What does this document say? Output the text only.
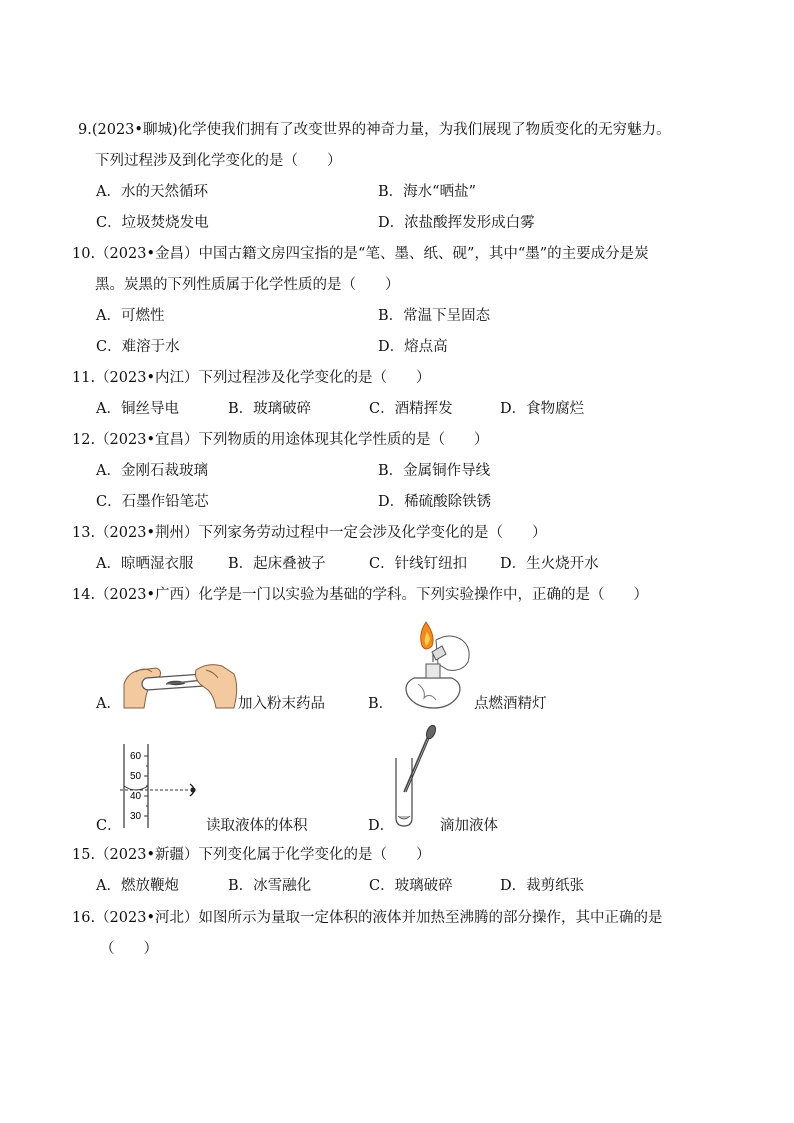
9.(2023•聊城)化学使我们拥有了改变世界的神奇力量，为我们展现了物质变化的无穷魅力。
下列过程涉及到化学变化的是（　　）
A．水的天然循环	B．海水“晒盐”
C．垃圾焚烧发电	D．浓盐酸挥发形成白雾
10.（2023•金昌）中国古籍文房四宝指的是“笔、墨、纸、砚”，其中“墨”的主要成分是炭
黑。炭黑的下列性质属于化学性质的是（　　）
A．可燃性	B．常温下呈固态
C．难溶于水	D．熔点高
11.（2023•内江）下列过程涉及化学变化的是（　　）
A．铜丝导电	B．玻璃破碎	C．酒精挥发	D．食物腐烂
12.（2023•宜昌）下列物质的用途体现其化学性质的是（　　）
A．金刚石裁玻璃	B．金属铜作导线
C．石墨作铅笔芯	D．稀硫酸除铁锈
13.（2023•荆州）下列家务劳动过程中一定会涉及化学变化的是（　　）
A．晾晒湿衣服 B．起床叠被子	C．针线钉纽扣 D．生火烧开水
14.（2023•广西）化学是一门以实验为基础的学科。下列实验操作中，正确的是（　　）
A．	加入粉末药品	B．	点燃酒精灯
C．
60
50
40
30
读取液体的体积	D．	滴加液体
15.（2023•新疆）下列变化属于化学变化的是（　　）
A．燃放鞭炮	B．冰雪融化	C．玻璃破碎	D．裁剪纸张
16.（2023•河北）如图所示为量取一定体积的液体并加热至沸腾的部分操作，其中正确的是
（　　）
